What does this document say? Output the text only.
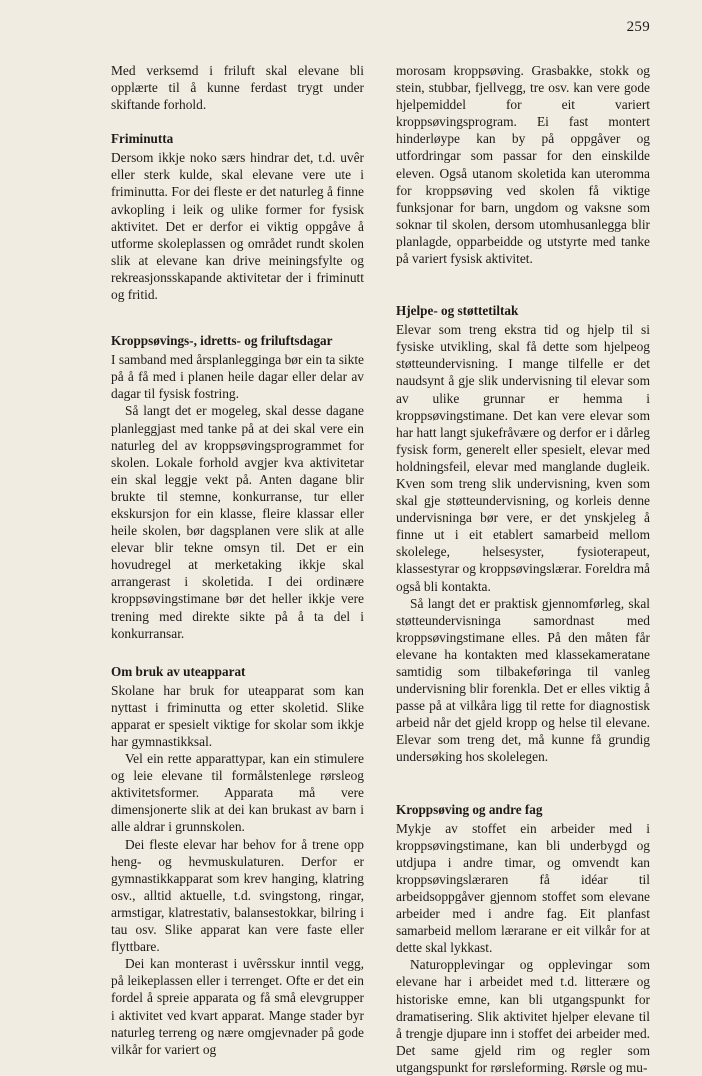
259

Med verksemd i friluft skal elevane bli opplærte til å kunne ferdast trygt under skiftande forhold.

Friminutta

Dersom ikkje noko særs hindrar det, t.d. uvêr eller sterk kulde, skal elevane vere ute i friminutta. For dei fleste er det naturleg å finne avkopling i leik og ulike former for fysisk aktivitet. Det er derfor ei viktig oppgåve å utforme skoleplassen og området rundt skolen slik at elevane kan drive meiningsfylte og rekreasjonsskapande aktivitetar der i friminutt og fritid.

Kroppsøvings-, idretts- og friluftsdagar

I samband med årsplanlegginga bør ein ta sikte på å få med i planen heile dagar eller delar av dagar til fysisk fostring.

Så langt det er mogeleg, skal desse dagane planleggjast med tanke på at dei skal vere ein naturleg del av kroppsøvingsprogrammet for skolen. Lokale forhold avgjer kva aktivitetar ein skal leggje vekt på. Anten dagane blir brukte til stemne, konkurranse, tur eller ekskursjon for ein klasse, fleire klassar eller heile skolen, bør dagsplanen vere slik at alle elevar blir tekne omsyn til. Det er ein hovudregel at merketaking ikkje skal arrangerast i skoletida. I dei ordinære kroppsøvingstimane bør det heller ikkje vere trening med direkte sikte på å ta del i konkurransar.

Om bruk av uteapparat

Skolane har bruk for uteapparat som kan nyttast i friminutta og etter skoletid. Slike apparat er spesielt viktige for skolar som ikkje har gymnastikksal.

Vel ein rette apparattypar, kan ein stimulere og leie elevane til formålstenlege rørsleog aktivitetsformer. Apparata må vere dimensjonerte slik at dei kan brukast av barn i alle aldrar i grunnskolen.

Dei fleste elevar har behov for å trene opp heng- og hevmuskulaturen. Derfor er gymnastikkapparat som krev hanging, klatring osv., alltid aktuelle, t.d. svingstong, ringar, armstigar, klatrestativ, balansestokkar, bilring i tau osv. Slike apparat kan vere faste eller flyttbare.

Dei kan monterast i uvêrsskur inntil vegg, på leikeplassen eller i terrenget. Ofte er det ein fordel å spreie apparata og få små elevgrupper i aktivitet ved kvart apparat. Mange stader byr naturleg terreng og nære omgjevnader på gode vilkår for variert og

morosam kroppsøving. Grasbakke, stokk og stein, stubbar, fjellvegg, tre osv. kan vere gode hjelpemiddel for eit variert kroppsøvingsprogram. Ei fast montert hinderløype kan by på oppgåver og utfordringar som passar for den einskilde eleven. Også utanom skoletida kan uteromma for kroppsøving ved skolen få viktige funksjonar for barn, ungdom og vaksne som soknar til skolen, dersom utomhusanlegga blir planlagde, opparbeidde og utstyrte med tanke på variert fysisk aktivitet.

Hjelpe- og støttetiltak

Elevar som treng ekstra tid og hjelp til si fysiske utvikling, skal få dette som hjelpeog støtteundervisning. I mange tilfelle er det naudsynt å gje slik undervisning til elevar som av ulike grunnar er hemma i kroppsøvingstimane. Det kan vere elevar som har hatt langt sjukefråvære og derfor er i dårleg fysisk form, generelt eller spesielt, elevar med holdningsfeil, elevar med manglande dugleik. Kven som treng slik undervisning, kven som skal gje støtteundervisning, og korleis denne undervisninga bør vere, er det ynskjeleg å finne ut i eit etablert samarbeid mellom skolelege, helsesyster, fysioterapeut, klassestyrar og kroppsøvingslærar. Foreldra må også bli kontakta.

Så langt det er praktisk gjennomførleg, skal støtteundervisninga samordnast med kroppsøvingstimane elles. På den måten får elevane ha kontakten med klassekameratane samtidig som tilbakeføringa til vanleg undervisning blir forenkla. Det er elles viktig å passe på at vilkåra ligg til rette for diagnostisk arbeid når det gjeld kropp og helse til elevane. Elevar som treng det, må kunne få grundig undersøking hos skolelegen.

Kroppsøving og andre fag

Mykje av stoffet ein arbeider med i kroppsøvingstimane, kan bli underbygd og utdjupa i andre timar, og omvendt kan kroppsøvingslæraren få idéar til arbeidsoppgåver gjennom stoffet som elevane arbeider med i andre fag. Eit planfast samarbeid mellom lærarane er eit vilkår for at dette skal lykkast.

Naturopplevingar og opplevingar som elevane har i arbeidet med t.d. litterære og historiske emne, kan bli utgangspunkt for dramatisering. Slik aktivitet hjelper elevane til å trengje djupare inn i stoffet dei arbeider med. Det same gjeld rim og regler som utgangspunkt for rørsleforming. Rørsle og mu-
